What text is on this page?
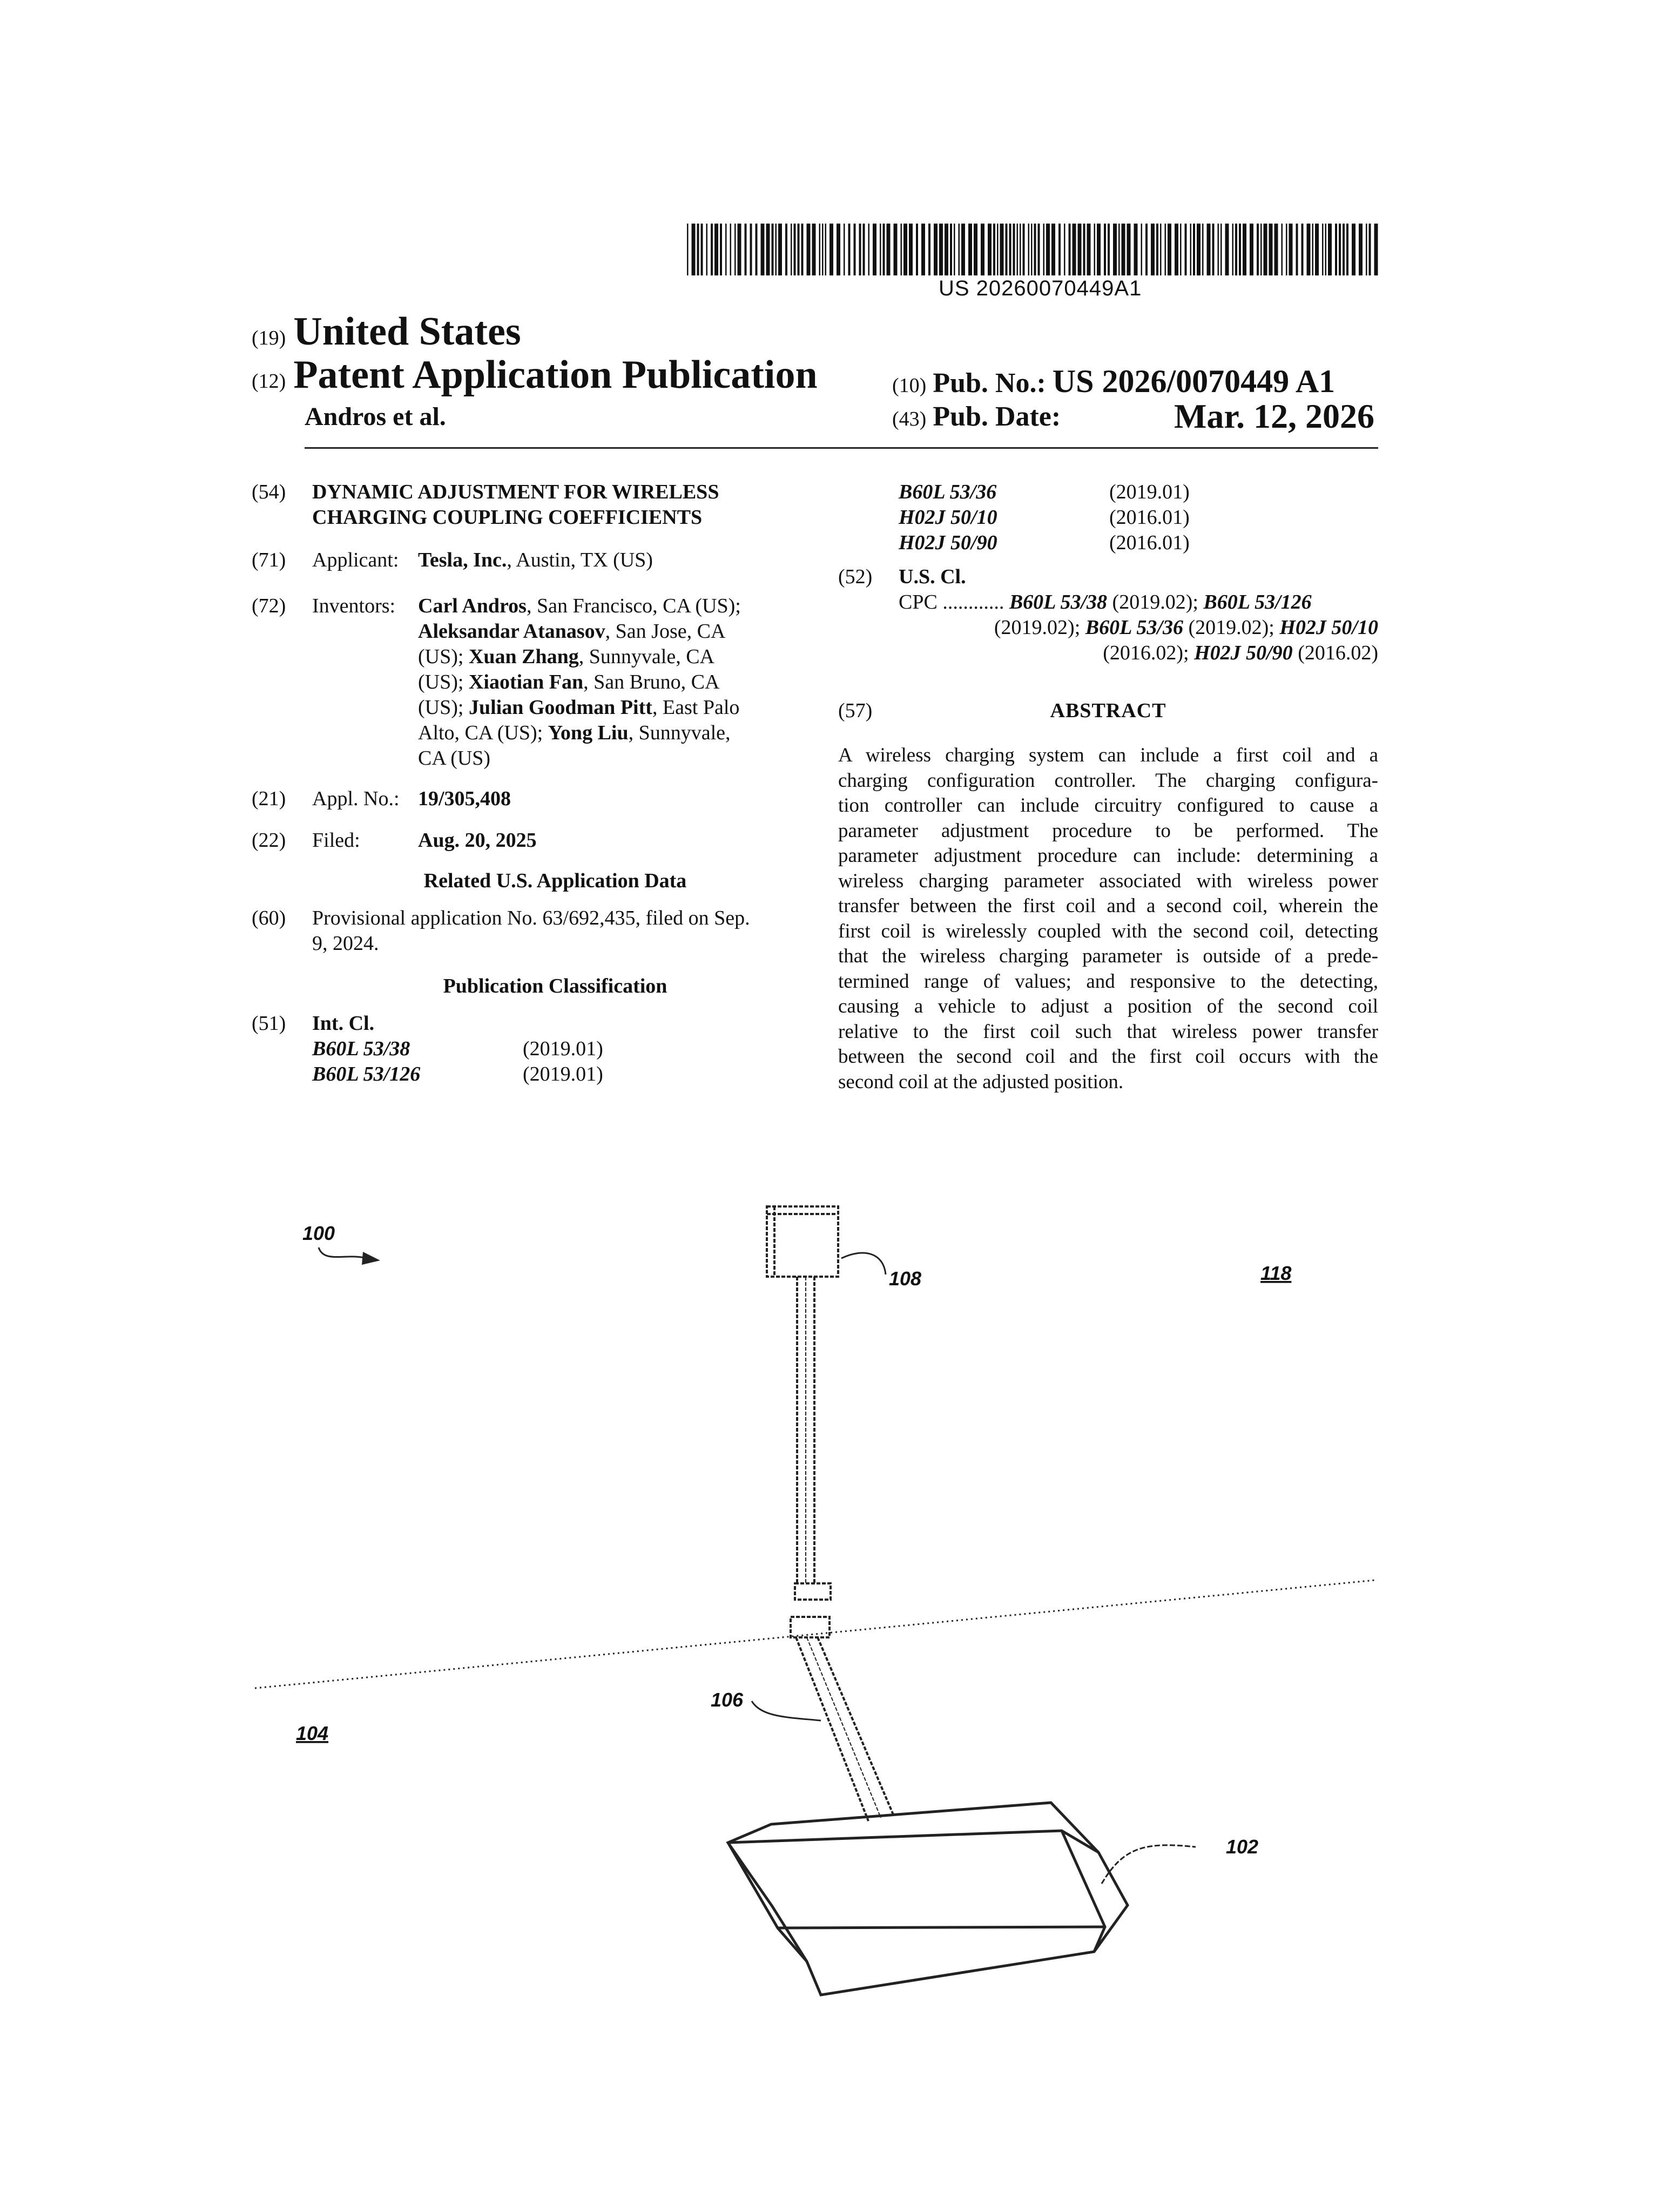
US 20260070449A1
(19) United States
(12) Patent Application Publication
Andros et al.
(10) Pub. No.: US 2026/0070449 A1
(43) Pub. Date:	Mar. 12, 2026
(54)	DYNAMIC ADJUSTMENT FOR WIRELESS
CHARGING COUPLING COEFFICIENTS
(71)	Applicant: Tesla, Inc., Austin, TX (US)
(72)	Inventors:	Carl Andros, San Francisco, CA (US);
Aleksandar Atanasov, San Jose, CA
(US); Xuan Zhang, Sunnyvale, CA
(US); Xiaotian Fan, San Bruno, CA
(US); Julian Goodman Pitt, East Palo
Alto, CA (US); Yong Liu, Sunnyvale,
CA (US)
(21)	Appl. No.: 19/305,408
(22)	Filed:	Aug. 20, 2025
Related U.S. Application Data
(60)	Provisional application No. 63/692,435, filed on Sep.
9, 2024.
Publication Classification
(51)	Int. Cl.
B60L 53/38	(2019.01)
B60L 53/126	(2019.01)
B60L 53/36	(2019.01)
H02J 50/10	(2016.01)
H02J 50/90	(2016.01)
(52)	U.S. Cl.
CPC ............ B60L 53/38 (2019.02); B60L 53/126
(2019.02); B60L 53/36 (2019.02); H02J 50/10
(2016.02); H02J 50/90 (2016.02)
(57)	ABSTRACT
A wireless charging system can include a first coil and a
charging configuration controller. The charging configura-
tion controller can include circuitry configured to cause a
parameter adjustment procedure to be performed. The
parameter adjustment procedure can include: determining a
wireless charging parameter associated with wireless power
transfer between the first coil and a second coil, wherein the
first coil is wirelessly coupled with the second coil, detecting
that the wireless charging parameter is outside of a prede-
termined range of values; and responsive to the detecting,
causing a vehicle to adjust a position of the second coil
relative to the first coil such that wireless power transfer
between the second coil and the first coil occurs with the
second coil at the adjusted position.
100
108	118
106
104
102
